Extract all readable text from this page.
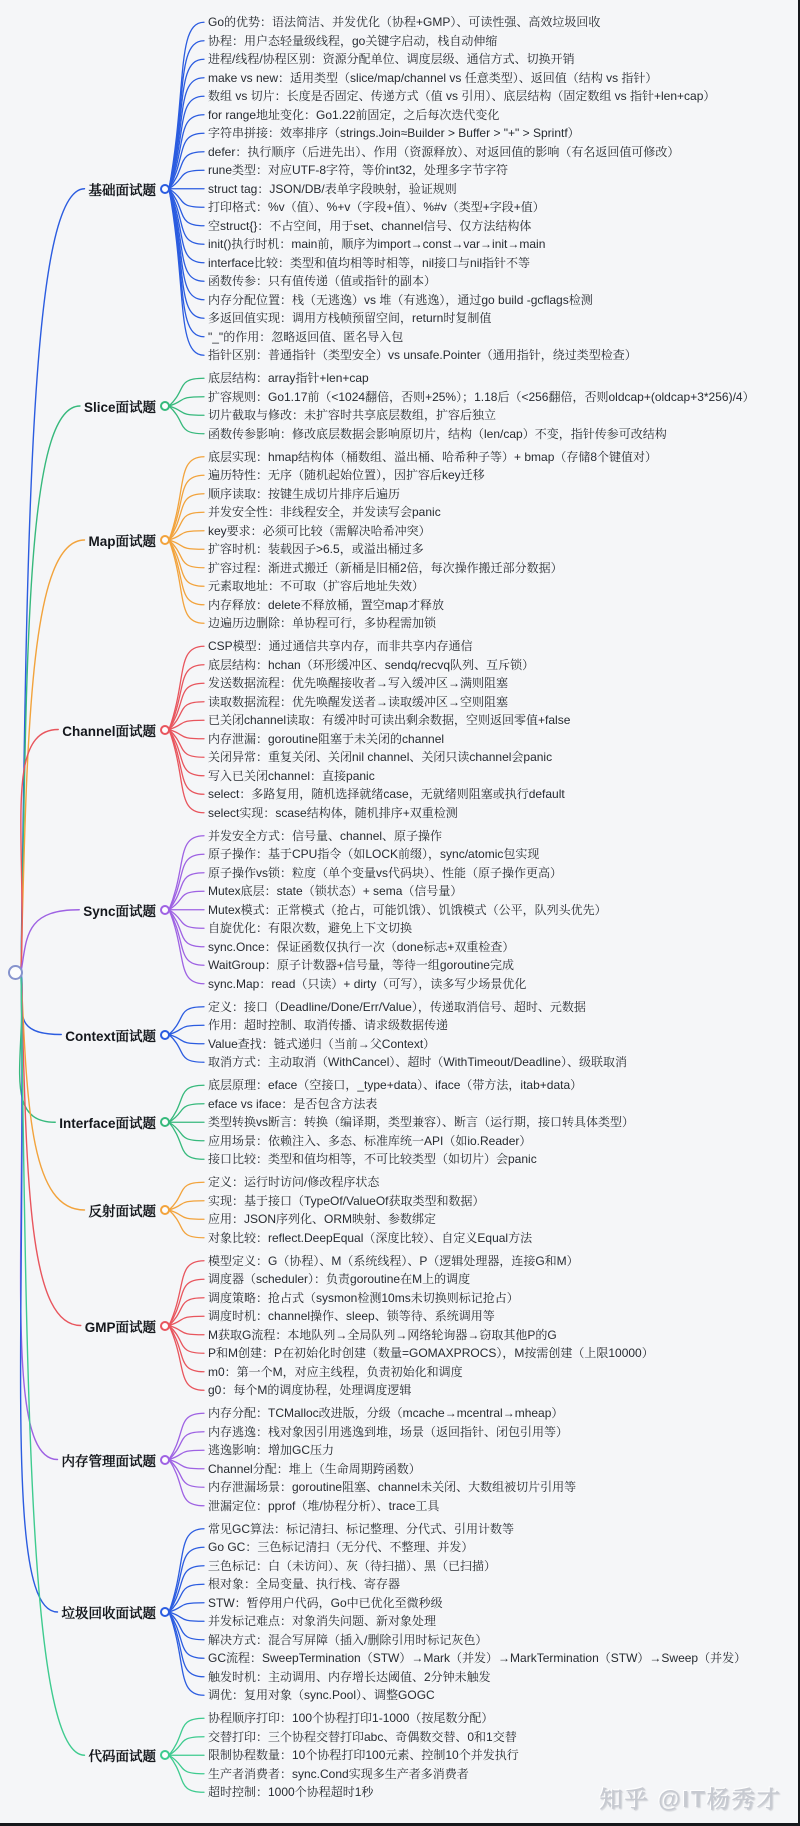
基础面试题
Go的优势：语法简洁、并发优化（协程+GMP）、可读性强、高效垃圾回收
协程：用户态轻量级线程，go关键字启动，栈自动伸缩
进程/线程/协程区别：资源分配单位、调度层级、通信方式、切换开销
make vs new：适用类型（slice/map/channel vs 任意类型）、返回值（结构 vs 指针）
数组 vs 切片：长度是否固定、传递方式（值 vs 引用）、底层结构（固定数组 vs 指针+len+cap）
for range地址变化：Go1.22前固定，之后每次迭代变化
字符串拼接：效率排序（strings.Join≈Builder > Buffer > "+" > Sprintf）
defer：执行顺序（后进先出）、作用（资源释放）、对返回值的影响（有名返回值可修改）
rune类型：对应UTF-8字符，等价int32，处理多字节字符
struct tag：JSON/DB/表单字段映射，验证规则
打印格式：%v（值）、%+v（字段+值）、%#v（类型+字段+值）
空struct{}：不占空间，用于set、channel信号、仅方法结构体
init()执行时机：main前，顺序为import→const→var→init→main
interface比较：类型和值均相等时相等，nil接口与nil指针不等
函数传参：只有值传递（值或指针的副本）
内存分配位置：栈（无逃逸）vs 堆（有逃逸），通过go build -gcflags检测
多返回值实现：调用方栈帧预留空间，return时复制值
"_"的作用：忽略返回值、匿名导入包
指针区别：普通指针（类型安全）vs unsafe.Pointer（通用指针，绕过类型检查）
Slice面试题
底层结构：array指针+len+cap
扩容规则：Go1.17前（<1024翻倍，否则+25%）；1.18后（<256翻倍，否则oldcap+(oldcap+3*256)/4）
切片截取与修改：未扩容时共享底层数组，扩容后独立
函数传参影响：修改底层数据会影响原切片，结构（len/cap）不变，指针传参可改结构
Map面试题
底层实现：hmap结构体（桶数组、溢出桶、哈希种子等）+ bmap（存储8个键值对）
遍历特性：无序（随机起始位置），因扩容后key迁移
顺序读取：按键生成切片排序后遍历
并发安全性：非线程安全，并发读写会panic
key要求：必须可比较（需解决哈希冲突）
扩容时机：装载因子>6.5，或溢出桶过多
扩容过程：渐进式搬迁（新桶是旧桶2倍，每次操作搬迁部分数据）
元素取地址：不可取（扩容后地址失效）
内存释放：delete不释放桶，置空map才释放
边遍历边删除：单协程可行，多协程需加锁
Channel面试题
CSP模型：通过通信共享内存，而非共享内存通信
底层结构：hchan（环形缓冲区、sendq/recvq队列、互斥锁）
发送数据流程：优先唤醒接收者→写入缓冲区→满则阻塞
读取数据流程：优先唤醒发送者→读取缓冲区→空则阻塞
已关闭channel读取：有缓冲时可读出剩余数据，空则返回零值+false
内存泄漏：goroutine阻塞于未关闭的channel
关闭异常：重复关闭、关闭nil channel、关闭只读channel会panic
写入已关闭channel：直接panic
select：多路复用，随机选择就绪case，无就绪则阻塞或执行default
select实现：scase结构体，随机排序+双重检测
Sync面试题
并发安全方式：信号量、channel、原子操作
原子操作：基于CPU指令（如LOCK前缀），sync/atomic包实现
原子操作vs锁：粒度（单个变量vs代码块）、性能（原子操作更高）
Mutex底层：state（锁状态）+ sema（信号量）
Mutex模式：正常模式（抢占，可能饥饿）、饥饿模式（公平，队列头优先）
自旋优化：有限次数，避免上下文切换
sync.Once：保证函数仅执行一次（done标志+双重检查）
WaitGroup：原子计数器+信号量，等待一组goroutine完成
sync.Map：read（只读）+ dirty（可写），读多写少场景优化
Context面试题
定义：接口（Deadline/Done/Err/Value），传递取消信号、超时、元数据
作用：超时控制、取消传播、请求级数据传递
Value查找：链式递归（当前→父Context）
取消方式：主动取消（WithCancel）、超时（WithTimeout/Deadline）、级联取消
Interface面试题
底层原理：eface（空接口，_type+data）、iface（带方法，itab+data）
eface vs iface：是否包含方法表
类型转换vs断言：转换（编译期，类型兼容）、断言（运行期，接口转具体类型）
应用场景：依赖注入、多态、标准库统一API（如io.Reader）
接口比较：类型和值均相等，不可比较类型（如切片）会panic
反射面试题
定义：运行时访问/修改程序状态
实现：基于接口（TypeOf/ValueOf获取类型和数据）
应用：JSON序列化、ORM映射、参数绑定
对象比较：reflect.DeepEqual（深度比较）、自定义Equal方法
GMP面试题
模型定义：G（协程）、M（系统线程）、P（逻辑处理器，连接G和M）
调度器（scheduler）：负责goroutine在M上的调度
调度策略：抢占式（sysmon检测10ms未切换则标记抢占）
调度时机：channel操作、sleep、锁等待、系统调用等
M获取G流程：本地队列→全局队列→网络轮询器→窃取其他P的G
P和M创建：P在初始化时创建（数量=GOMAXPROCS），M按需创建（上限10000）
m0：第一个M，对应主线程，负责初始化和调度
g0：每个M的调度协程，处理调度逻辑
内存管理面试题
内存分配：TCMalloc改进版，分级（mcache→mcentral→mheap）
内存逃逸：栈对象因引用逃逸到堆，场景（返回指针、闭包引用等）
逃逸影响：增加GC压力
Channel分配：堆上（生命周期跨函数）
内存泄漏场景：goroutine阻塞、channel未关闭、大数组被切片引用等
泄漏定位：pprof（堆/协程分析）、trace工具
垃圾回收面试题
常见GC算法：标记清扫、标记整理、分代式、引用计数等
Go GC：三色标记清扫（无分代、不整理、并发）
三色标记：白（未访问）、灰（待扫描）、黑（已扫描）
根对象：全局变量、执行栈、寄存器
STW：暂停用户代码，Go中已优化至微秒级
并发标记难点：对象消失问题、新对象处理
解决方式：混合写屏障（插入/删除引用时标记灰色）
GC流程：SweepTermination（STW）→Mark（并发）→MarkTermination（STW）→Sweep（并发）
触发时机：主动调用、内存增长达阈值、2分钟未触发
调优：复用对象（sync.Pool）、调整GOGC
代码面试题
协程顺序打印：100个协程打印1-1000（按尾数分配）
交替打印：三个协程交替打印abc、奇偶数交替、0和1交替
限制协程数量：10个协程打印100元素、控制10个并发执行
生产者消费者：sync.Cond实现多生产者多消费者
超时控制：1000个协程超时1秒	知乎 @IT杨秀才
